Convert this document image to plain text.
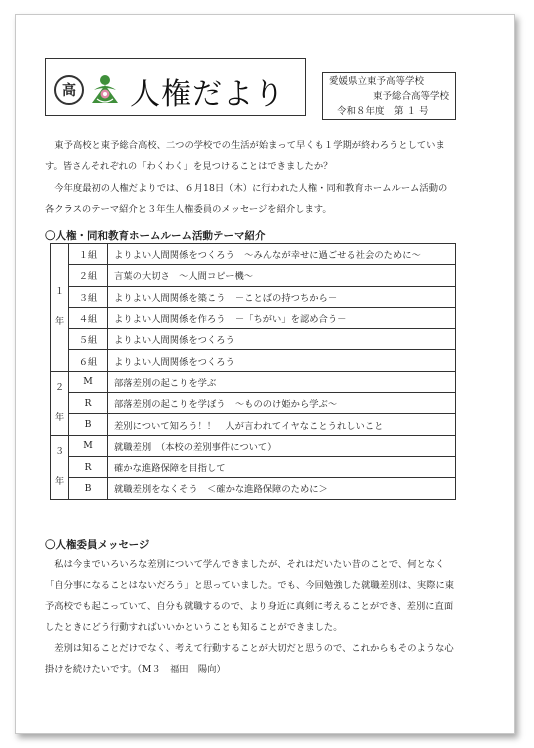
高 人権だより	愛媛県立東予高等学校
東予総合高等学校
令和８年度　第 １ 号

東予高校と東予総合高校、二つの学校での生活が始まって早くも１学期が終わろうとしています。皆さんそれぞれの「わくわく」を見つけることはできましたか？

今年度最初の人権だよりでは、６月18日（木）に行われた人権・同和教育ホームルーム活動の各クラスのテーマ紹介と３年生人権委員のメッセージを紹介します。

〇人権・同和教育ホームルーム活動テーマ紹介
１
年	１組	よりよい人間関係をつくろう　～みんなが幸せに過ごせる社会のために～
	２組	言葉の大切さ　～人間コピー機～
	３組	よりよい人間関係を築こう　－ことばの持つちから－
	４組	よりよい人間関係を作ろう　－「ちがい」を認め合う－
	５組	よりよい人間関係をつくろう
	６組	よりよい人間関係をつくろう

２
年	M	部落差別の起こりを学ぶ
	R	部落差別の起こりを学ぼう　～もののけ姫から学ぶ～
	B	差別について知ろう！！　人が言われてイヤなことうれしいこと

３
年	M	就職差別　（本校の差別事件について）
	R	確かな進路保障を目指して
	B	就職差別をなくそう　＜確かな進路保障のために＞
〇人権委員メッセージ

私は今までいろいろな差別について学んできましたが、それはだいたい昔のことで、何となく「自分事になることはないだろう」と思っていました。でも、今回勉強した就職差別は、実際に東予高校でも起こっていて、自分も就職するので、より身近に真剣に考えることができ、差別に直面したときにどう行動すればいいかということも知ることができました。

差別は知ることだけでなく、考えて行動することが大切だと思うので、これからもそのような心掛けを続けたいです。（M３　福田　陽向）
